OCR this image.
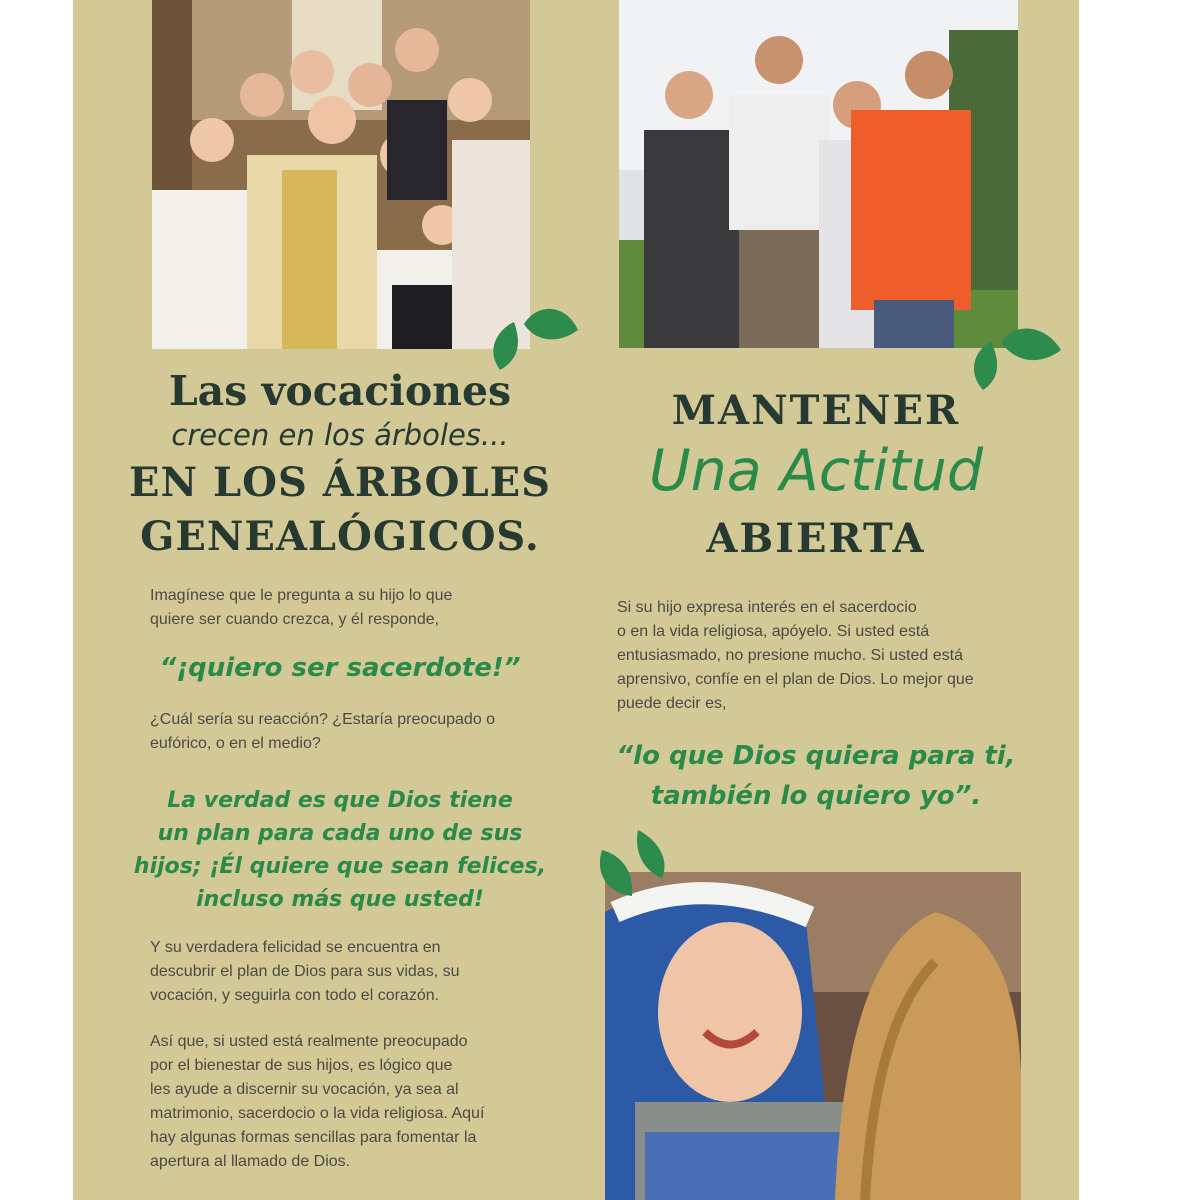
Las vocaciones
crecen en los árboles...
EN LOS ÁRBOLES
GENEALÓGICOS.
Imagínese que le pregunta a su hijo lo que
quiere ser cuando crezca, y él responde,
“¡quiero ser sacerdote!”
¿Cuál sería su reacción? ¿Estaría preocupado o
eufórico, o en el medio?
La verdad es que Dios tiene
un plan para cada uno de sus
hijos; ¡Él quiere que sean felices,
incluso más que usted!
Y su verdadera felicidad se encuentra en
descubrir el plan de Dios para sus vidas, su
vocación, y seguirla con todo el corazón.
Así que, si usted está realmente preocupado
por el bienestar de sus hijos, es lógico que
les ayude a discernir su vocación, ya sea al
matrimonio, sacerdocio o la vida religiosa. Aquí
hay algunas formas sencillas para fomentar la
apertura al llamado de Dios.
MANTENER
Una Actitud
ABIERTA
Si su hijo expresa interés en el sacerdocio
o en la vida religiosa, apóyelo. Si usted está
entusiasmado, no presione mucho. Si usted está
aprensivo, confíe en el plan de Dios. Lo mejor que
puede decir es,
“lo que Dios quiera para ti,
también lo quiero yo”.
